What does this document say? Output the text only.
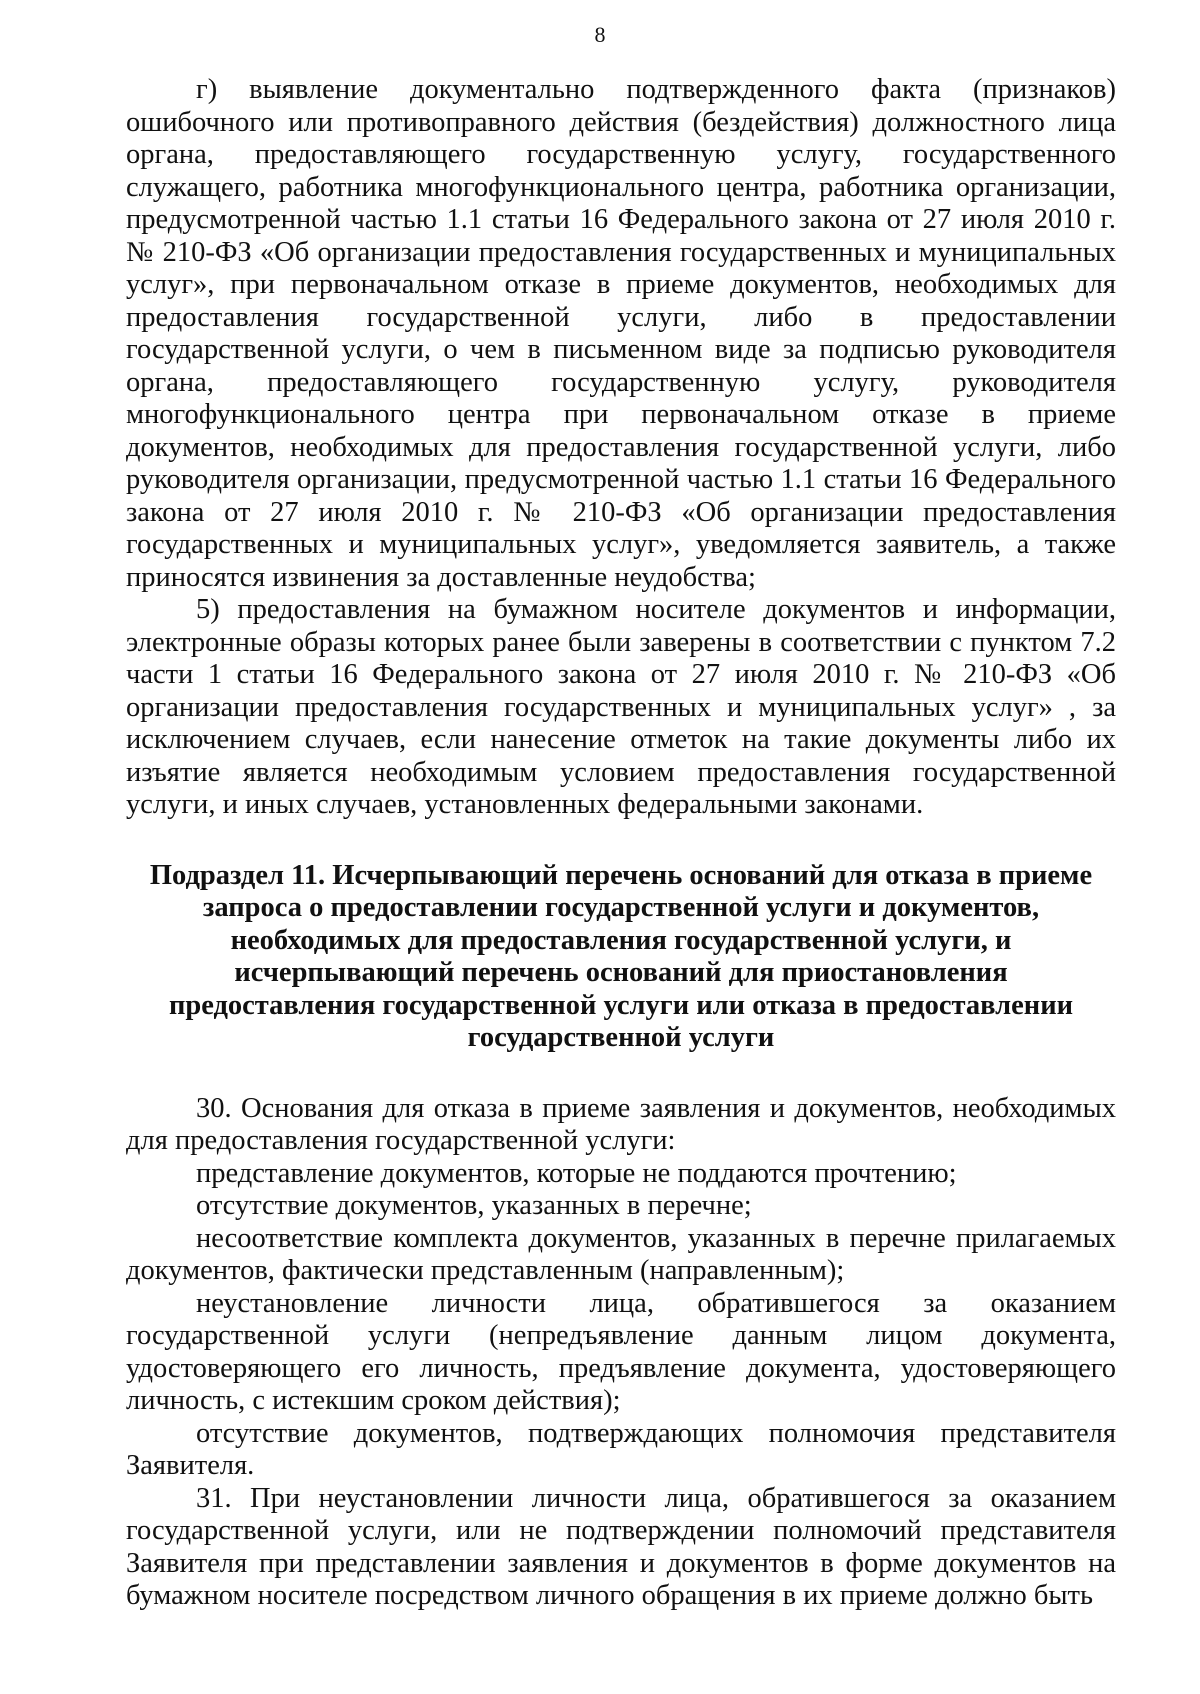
8

г) выявление документально подтвержденного факта (признаков) ошибочного или противоправного действия (бездействия) должностного лица органа, предоставляющего государственную услугу, государственного служащего, работника многофункционального центра, работника организации, предусмотренной частью 1.1 статьи 16 Федерального закона от 27 июля 2010 г. № 210-ФЗ «Об организации предоставления государственных и муниципальных услуг», при первоначальном отказе в приеме документов, необходимых для предоставления государственной услуги, либо в предоставлении государственной услуги, о чем в письменном виде за подписью руководителя органа, предоставляющего государственную услугу, руководителя многофункционального центра при первоначальном отказе в приеме документов, необходимых для предоставления государственной услуги, либо руководителя организации, предусмотренной частью 1.1 статьи 16 Федерального закона от 27 июля 2010 г. № 210-ФЗ «Об организации предоставления государственных и муниципальных услуг», уведомляется заявитель, а также приносятся извинения за доставленные неудобства;

5) предоставления на бумажном носителе документов и информации, электронные образы которых ранее были заверены в соответствии с пунктом 7.2 части 1 статьи 16 Федерального закона от 27 июля 2010 г. № 210-ФЗ «Об организации предоставления государственных и муниципальных услуг» , за исключением случаев, если нанесение отметок на такие документы либо их изъятие является необходимым условием предоставления государственной услуги, и иных случаев, установленных федеральными законами.

Подраздел 11. Исчерпывающий перечень оснований для отказа в приеме
запроса о предоставлении государственной услуги и документов,
необходимых для предоставления государственной услуги, и
исчерпывающий перечень оснований для приостановления
предоставления государственной услуги или отказа в предоставлении
государственной услуги

30. Основания для отказа в приеме заявления и документов, необходимых для предоставления государственной услуги:

представление документов, которые не поддаются прочтению;

отсутствие документов, указанных в перечне;

несоответствие комплекта документов, указанных в перечне прилагаемых документов, фактически представленным (направленным);

неустановление личности лица, обратившегося за оказанием государственной услуги (непредъявление данным лицом документа, удостоверяющего его личность, предъявление документа, удостоверяющего личность, с истекшим сроком действия);

отсутствие документов, подтверждающих полномочия представителя Заявителя.

31. При неустановлении личности лица, обратившегося за оказанием государственной услуги, или не подтверждении полномочий представителя Заявителя при представлении заявления и документов в форме документов на бумажном носителе посредством личного обращения в их приеме должно быть
